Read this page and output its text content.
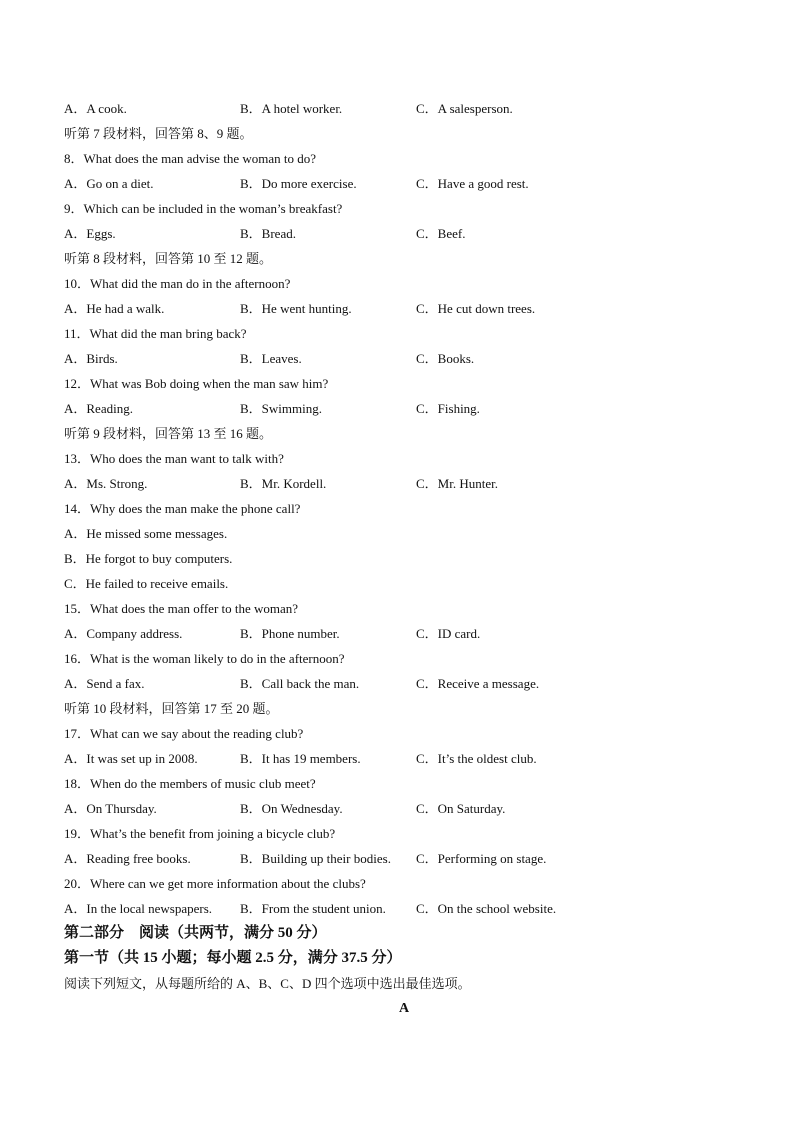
A．A cook.	B．A hotel worker.	C．A salesperson.
听第 7 段材料，回答第 8、9 题。
8．What does the man advise the woman to do?
A．Go on a diet.	B．Do more exercise.	C．Have a good rest.
9．Which can be included in the woman’s breakfast?
A．Eggs.	B．Bread.	C．Beef.
听第 8 段材料，回答第 10 至 12 题。
10．What did the man do in the afternoon?
A．He had a walk.	B．He went hunting.	C．He cut down trees.
11．What did the man bring back?
A．Birds.	B．Leaves.	C．Books.
12．What was Bob doing when the man saw him?
A．Reading.	B．Swimming.	C．Fishing.
听第 9 段材料，回答第 13 至 16 题。
13．Who does the man want to talk with?
A．Ms. Strong.	B．Mr. Kordell.	C．Mr. Hunter.
14．Why does the man make the phone call?
A．He missed some messages.
B．He forgot to buy computers.
C．He failed to receive emails.
15．What does the man offer to the woman?
A．Company address.	B．Phone number.	C．ID card.
16．What is the woman likely to do in the afternoon?
A．Send a fax.	B．Call back the man.	C．Receive a message.
听第 10 段材料，回答第 17 至 20 题。
17．What can we say about the reading club?
A．It was set up in 2008.	B．It has 19 members.	C．It’s the oldest club.
18．When do the members of music club meet?
A．On Thursday.	B．On Wednesday.	C．On Saturday.
19．What’s the benefit from joining a bicycle club?
A．Reading free books.	B．Building up their bodies. C．Performing on stage.
20．Where can we get more information about the clubs?
A．In the local newspapers. B．From the student union. C．On the school website.
第二部分　阅读（共两节，满分 50 分）
第一节（共 15 小题；每小题 2.5 分，满分 37.5 分）
阅读下列短文，从每题所给的 A、B、C、D 四个选项中选出最佳选项。
A
